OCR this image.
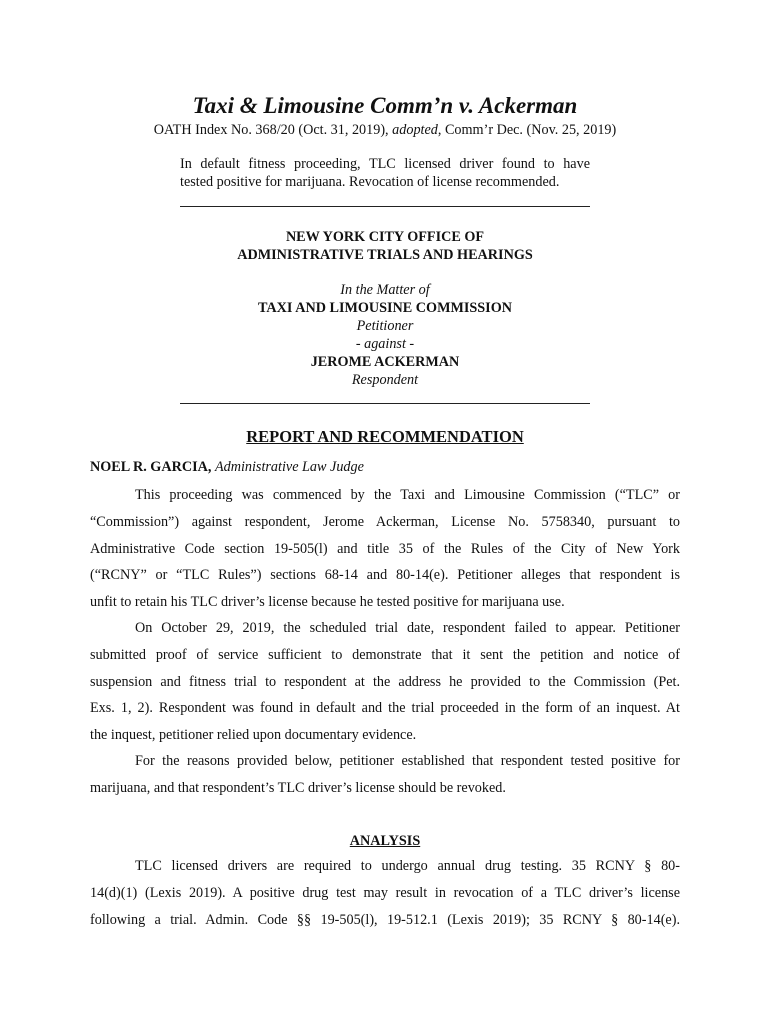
Taxi & Limousine Comm’n v. Ackerman
OATH Index No. 368/20 (Oct. 31, 2019), adopted, Comm’r Dec. (Nov. 25, 2019)
In default fitness proceeding, TLC licensed driver found to have
tested positive for marijuana. Revocation of license recommended.
NEW YORK CITY OFFICE OF
ADMINISTRATIVE TRIALS AND HEARINGS
In the Matter of
TAXI AND LIMOUSINE COMMISSION
Petitioner
- against -
JEROME ACKERMAN
Respondent
REPORT AND RECOMMENDATION
NOEL R. GARCIA, Administrative Law Judge
This proceeding was commenced by the Taxi and Limousine Commission (“TLC” or
“Commission”) against respondent, Jerome Ackerman, License No. 5758340, pursuant to
Administrative Code section 19-505(l) and title 35 of the Rules of the City of New York
(“RCNY” or “TLC Rules”) sections 68-14 and 80-14(e). Petitioner alleges that respondent is
unfit to retain his TLC driver’s license because he tested positive for marijuana use.
On October 29, 2019, the scheduled trial date, respondent failed to appear. Petitioner
submitted proof of service sufficient to demonstrate that it sent the petition and notice of
suspension and fitness trial to respondent at the address he provided to the Commission (Pet.
Exs. 1, 2). Respondent was found in default and the trial proceeded in the form of an inquest. At
the inquest, petitioner relied upon documentary evidence.
For the reasons provided below, petitioner established that respondent tested positive for
marijuana, and that respondent’s TLC driver’s license should be revoked.
ANALYSIS
TLC licensed drivers are required to undergo annual drug testing. 35 RCNY § 80-
14(d)(1) (Lexis 2019). A positive drug test may result in revocation of a TLC driver’s license
following a trial. Admin. Code §§ 19-505(l), 19-512.1 (Lexis 2019); 35 RCNY § 80-14(e).
